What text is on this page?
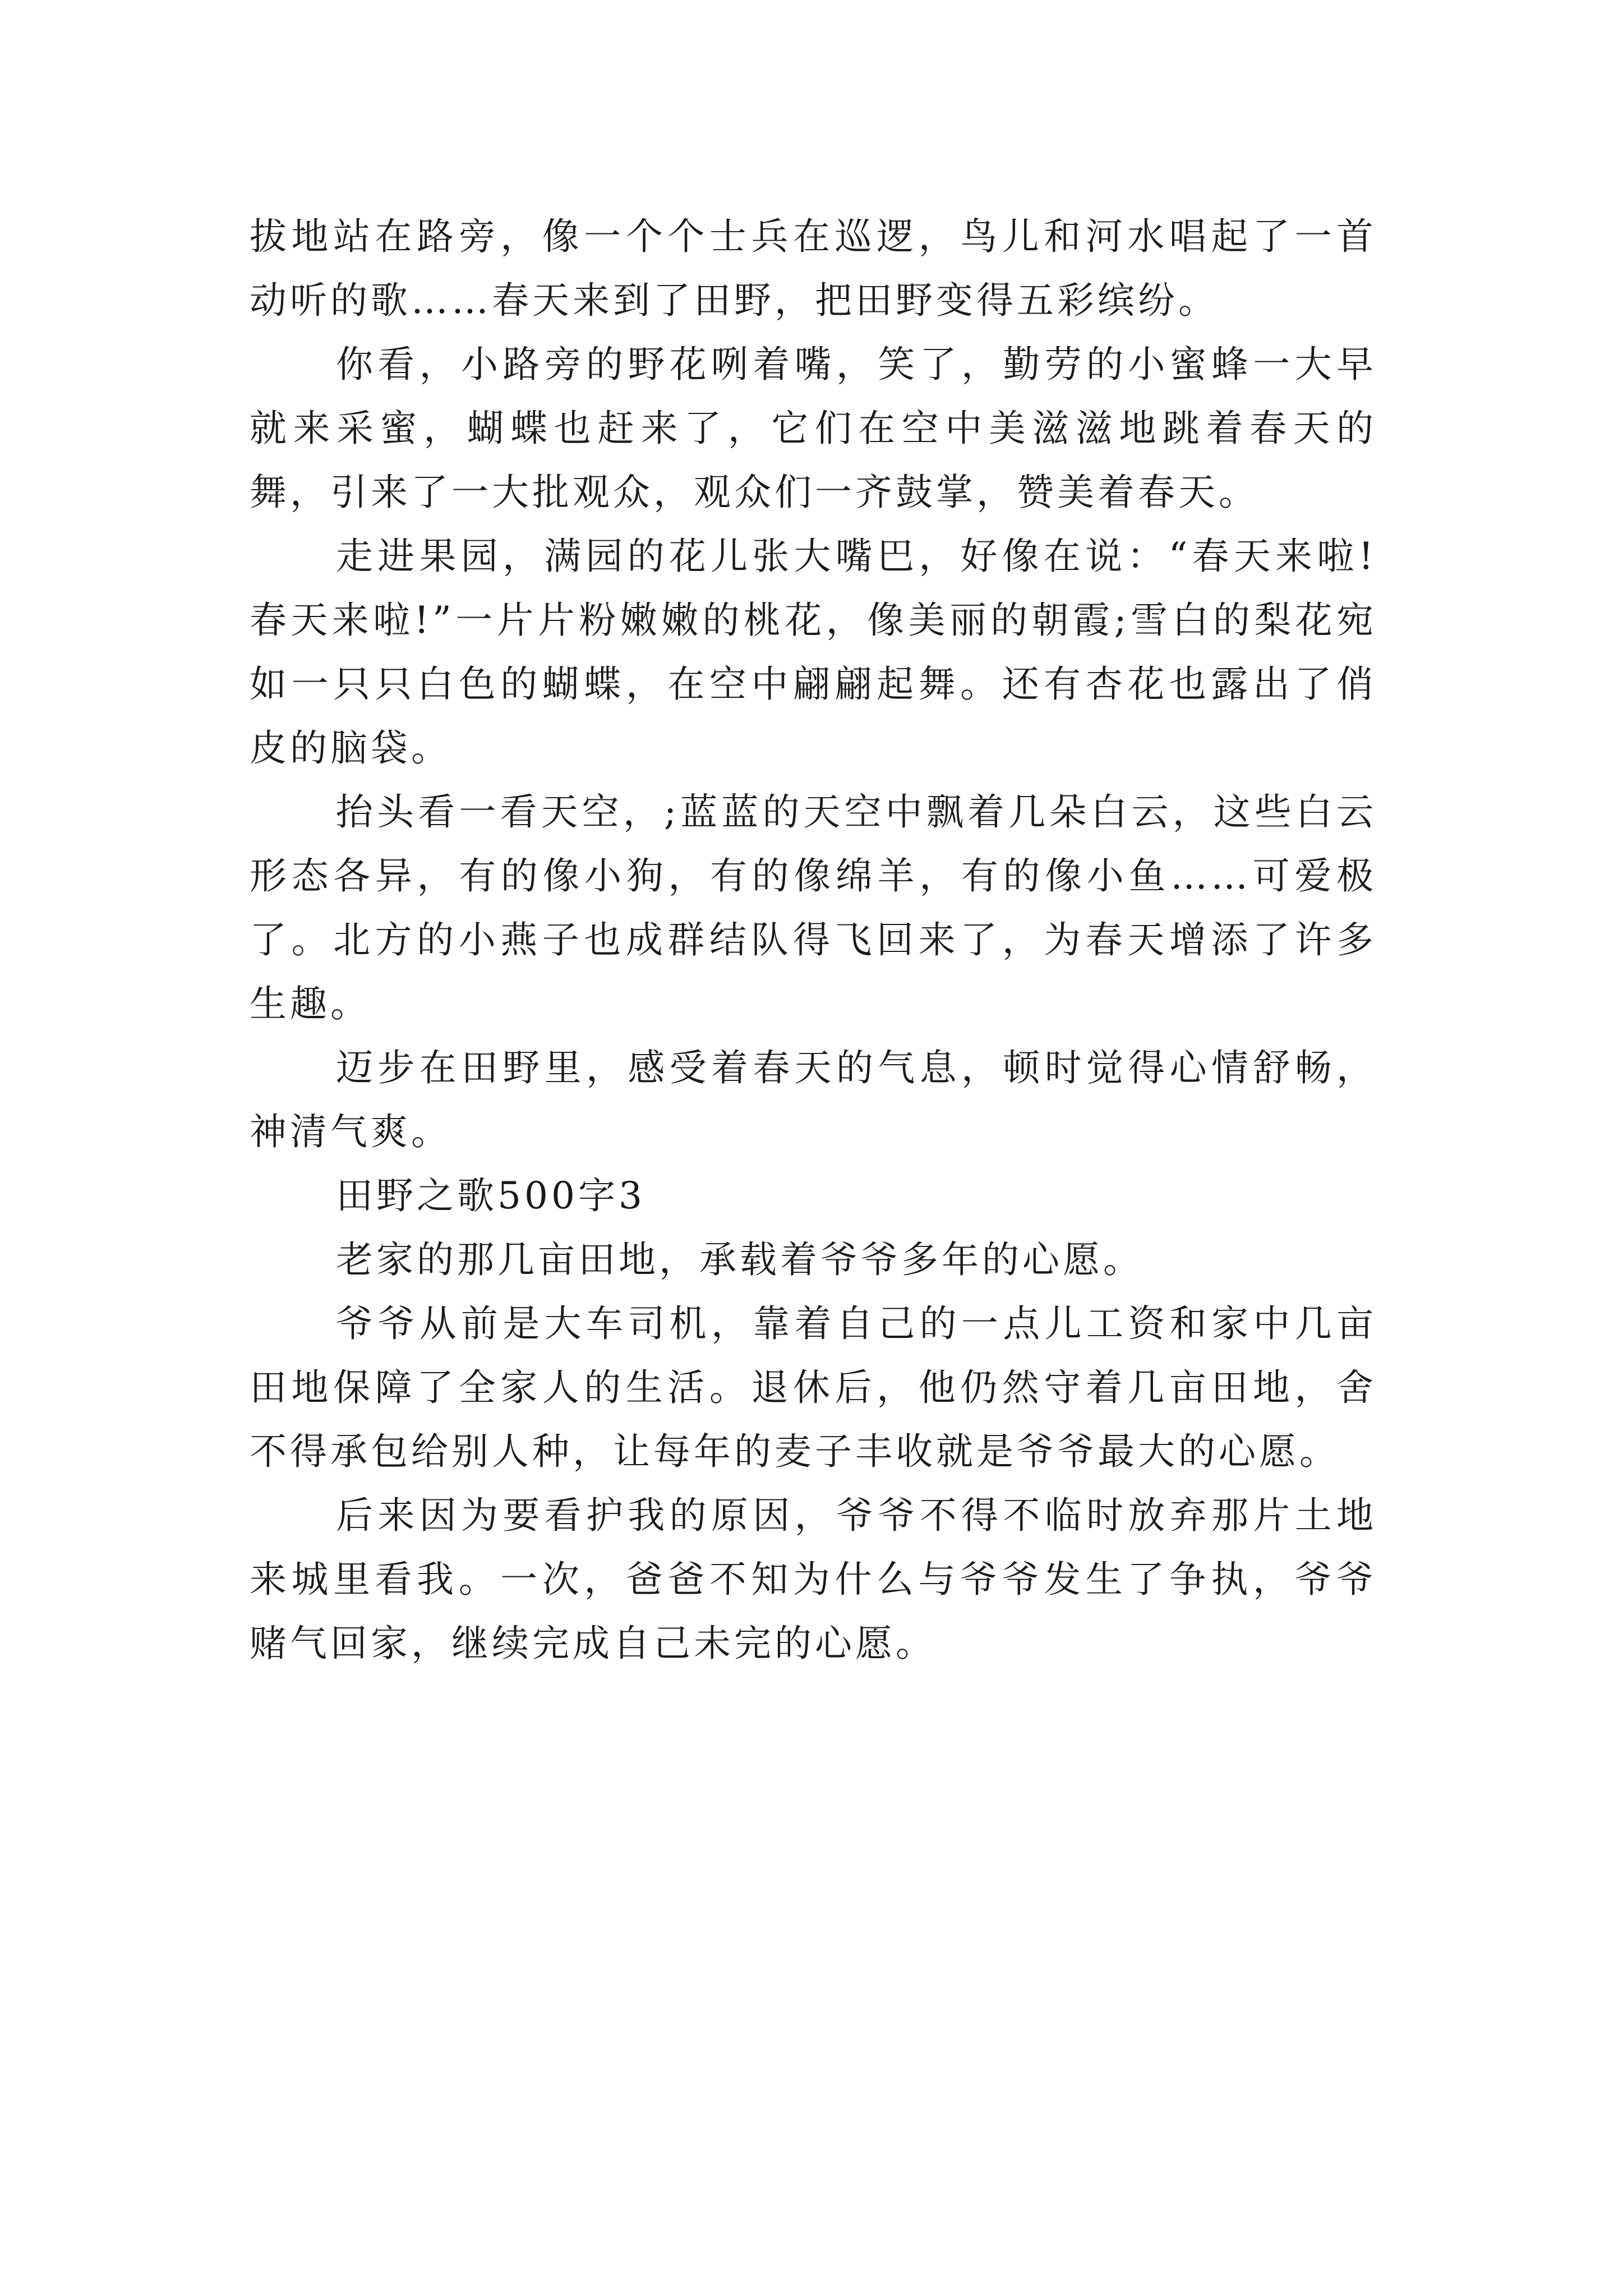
拔地站在路旁，像一个个士兵在巡逻，鸟儿和河水唱起了一首动听的歌……春天来到了田野，把田野变得五彩缤纷。

你看，小路旁的野花咧着嘴，笑了，勤劳的小蜜蜂一大早就来采蜜，蝴蝶也赶来了，它们在空中美滋滋地跳着春天的舞，引来了一大批观众，观众们一齐鼓掌，赞美着春天。

走进果园，满园的花儿张大嘴巴，好像在说：“春天来啦!春天来啦!”一片片粉嫩嫩的桃花，像美丽的朝霞;雪白的梨花宛如一只只白色的蝴蝶，在空中翩翩起舞。还有杏花也露出了俏皮的脑袋。

抬头看一看天空，;蓝蓝的天空中飘着几朵白云，这些白云形态各异，有的像小狗，有的像绵羊，有的像小鱼……可爱极了。北方的小燕子也成群结队得飞回来了，为春天增添了许多生趣。

迈步在田野里，感受着春天的气息，顿时觉得心情舒畅，神清气爽。

田野之歌500字3

老家的那几亩田地，承载着爷爷多年的心愿。

爷爷从前是大车司机，靠着自己的一点儿工资和家中几亩田地保障了全家人的生活。退休后，他仍然守着几亩田地，舍不得承包给别人种，让每年的麦子丰收就是爷爷最大的心愿。

后来因为要看护我的原因，爷爷不得不临时放弃那片土地来城里看我。一次，爸爸不知为什么与爷爷发生了争执，爷爷赌气回家，继续完成自己未完的心愿。
